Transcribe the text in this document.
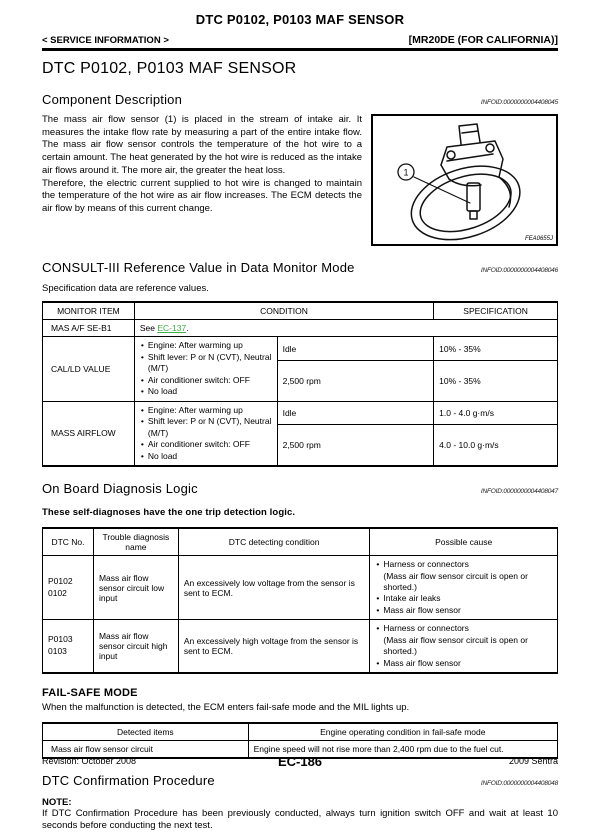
DTC P0102, P0103 MAF SENSOR
< SERVICE INFORMATION >	[MR20DE (FOR CALIFORNIA)]
DTC P0102, P0103 MAF SENSOR
Component Description	INFOID:0000000004408045

The mass air flow sensor (1) is placed in the stream of intake air. It measures the intake flow rate by measuring a part of the entire intake flow. The mass air flow sensor controls the temperature of the hot wire to a certain amount. The heat generated by the hot wire is reduced as the intake air flows around it. The more air, the greater the heat loss.

Therefore, the electric current supplied to hot wire is changed to maintain the temperature of the hot wire as air flow increases. The ECM detects the air flow by means of this current change.

1
FEA0655J
CONSULT-III Reference Value in Data Monitor Mode	INFOID:0000000004408046

Specification data are reference values.

MONITOR ITEM	CONDITION		SPECIFICATION
MAS A/F SE-B1	See EC-137.		
CAL/LD VALUE	
• Engine: After warming up
• Shift lever: P or N (CVT), Neutral (M/T)
• Air conditioner switch: OFF
• No load
	Idle	10% - 35%
		2,500 rpm	10% - 35%
MASS AIRFLOW	
• Engine: After warming up
• Shift lever: P or N (CVT), Neutral (M/T)
• Air conditioner switch: OFF
• No load
	Idle	1.0 - 4.0 g·m/s
		2,500 rpm	4.0 - 10.0 g·m/s
On Board Diagnosis Logic	INFOID:0000000004408047

These self-diagnoses have the one trip detection logic.

DTC No.	Trouble diagnosis name	DTC detecting condition	Possible cause

P0102
0102
	Mass air flow sensor circuit low input	An excessively low voltage from the sensor is sent to ECM.	
• Harness or connectors
(Mass air flow sensor circuit is open or shorted.)
• Intake air leaks
• Mass air flow sensor

P0103
0103
	Mass air flow sensor circuit high input	An excessively high voltage from the sensor is sent to ECM.	
• Harness or connectors
(Mass air flow sensor circuit is open or shorted.)
• Mass air flow sensor
FAIL-SAFE MODE

When the malfunction is detected, the ECM enters fail-safe mode and the MIL lights up.

Detected items	Engine operating condition in fail-safe mode
Mass air flow sensor circuit	Engine speed will not rise more than 2,400 rpm due to the fuel cut.
DTC Confirmation Procedure	INFOID:0000000004408048
NOTE:

If DTC Confirmation Procedure has been previously conducted, always turn ignition switch OFF and wait at least 10 seconds before conducting the next test.

Revision: October 2008	EC-186	2009 Sentra
